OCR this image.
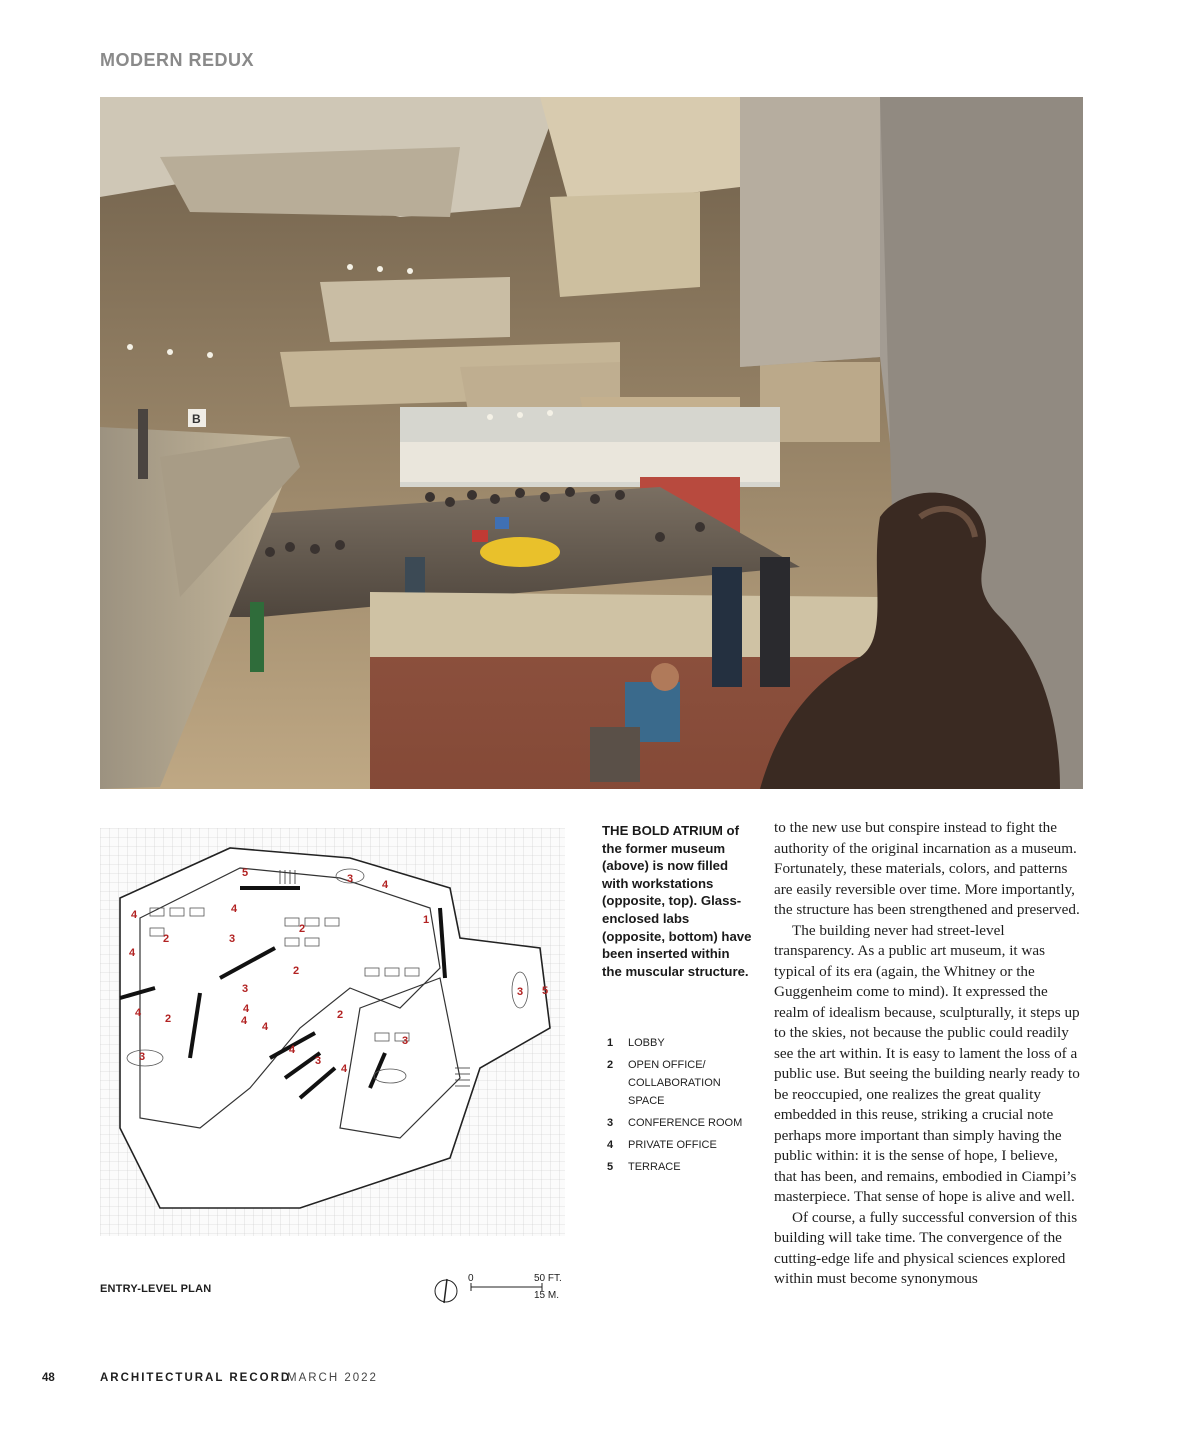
MODERN REDUX
B
1
2
2
2
2
2
3
3
3
3	3
3
3
4
4
4
4
4	4
4
4
4
4
5
5
ENTRY-LEVEL PLAN
0	50 FT.
15 M.
THE BOLD ATRIUM of the former museum (above) is now filled with workstations (opposite, top). Glass-enclosed labs (opposite, bottom) have been inserted within the muscular structure.
1	LOBBY
2	OPEN OFFICE/ COLLABORATION SPACE
3	CONFERENCE ROOM
4	PRIVATE OFFICE
5	TERRACE

to the new use but conspire instead to fight the authority of the original incarnation as a museum. Fortunately, these materials, colors, and patterns are easily reversible over time. More importantly, the structure has been strengthened and preserved.

The building never had street-level transparency. As a public art museum, it was typical of its era (again, the Whitney or the Guggenheim come to mind). It expressed the realm of idealism because, sculpturally, it steps up to the skies, not because the public could readily see the art within. It is easy to lament the loss of a public use. But seeing the building nearly ready to be reoccupied, one realizes the great quality embedded in this reuse, striking a crucial note perhaps more important than simply having the public within: it is the sense of hope, I believe, that has been, and remains, embodied in Ciampi’s masterpiece. That sense of hope is alive and well.

Of course, a fully successful conversion of this building will take time. The convergence of the cutting-edge life and physical sciences explored within must become synonymous

48	ARCHITECTURAL RECORD
MARCH 2022
